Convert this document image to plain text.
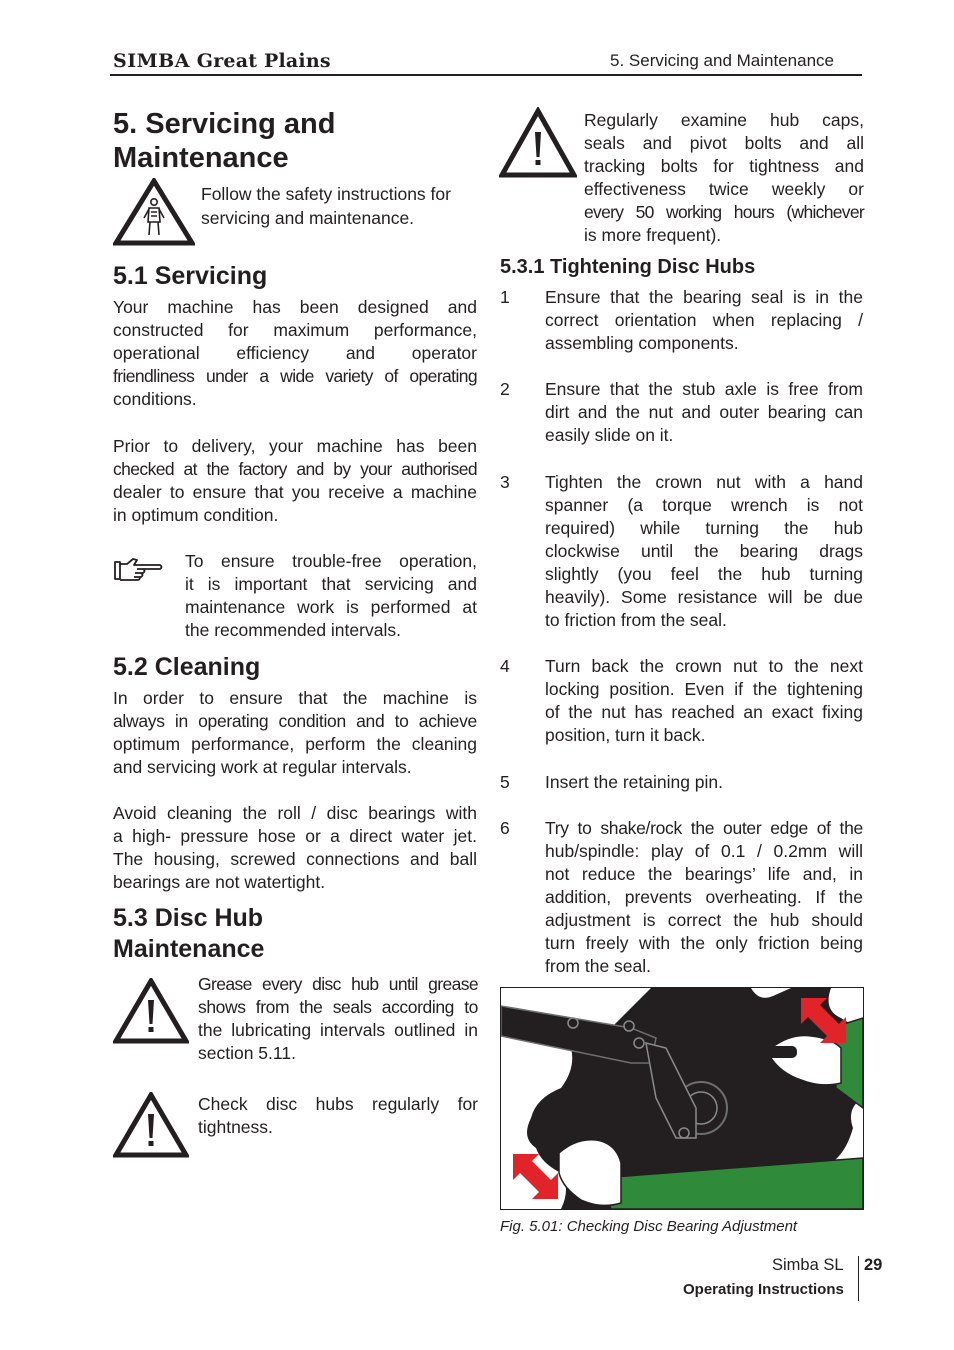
SIMBA Great Plains	5. Servicing and Maintenance
5. Servicing and
Maintenance
Follow the safety instructions for
servicing and maintenance.
5.1 Servicing
Your machine has been designed and
constructed for maximum performance,
operational efficiency and operator
friendliness under a wide variety of operating
conditions.
Prior to delivery, your machine has been
checked at the factory and by your authorised
dealer to ensure that you receive a machine
in optimum condition.
To ensure trouble-free operation,
it is important that servicing and
maintenance work is performed at
the recommended intervals.
5.2 Cleaning
In order to ensure that the machine is
always in operating condition and to achieve
optimum performance, perform the cleaning
and servicing work at regular intervals.
Avoid cleaning the roll / disc bearings with
a high- pressure hose or a direct water jet.
The housing, screwed connections and ball
bearings are not watertight.
5.3 Disc Hub
Maintenance
Grease every disc hub until grease
shows from the seals according to
the lubricating intervals outlined in
section 5.11.
Check disc hubs regularly for
tightness.
Regularly examine hub caps,
seals and pivot bolts and all
tracking bolts for tightness and
effectiveness twice weekly or
every 50 working hours (whichever
is more frequent).
5.3.1 Tightening Disc Hubs
1 Ensure that the bearing seal is in the
correct orientation when replacing /
assembling components.
2 Ensure that the stub axle is free from
dirt and the nut and outer bearing can
easily slide on it.
3 Tighten the crown nut with a hand
spanner (a torque wrench is not
required) while turning the hub
clockwise until the bearing drags
slightly (you feel the hub turning
heavily). Some resistance will be due
to friction from the seal.
4 Turn back the crown nut to the next
locking position. Even if the tightening
of the nut has reached an exact fixing
position, turn it back.
5 Insert the retaining pin.
6 Try to shake/rock the outer edge of the
hub/spindle: play of 0.1 / 0.2mm will
not reduce the bearings’ life and, in
addition, prevents overheating. If the
adjustment is correct the hub should
turn freely with the only friction being
from the seal.
Fig. 5.01: Checking Disc Bearing Adjustment
Simba SL 29
Operating Instructions
